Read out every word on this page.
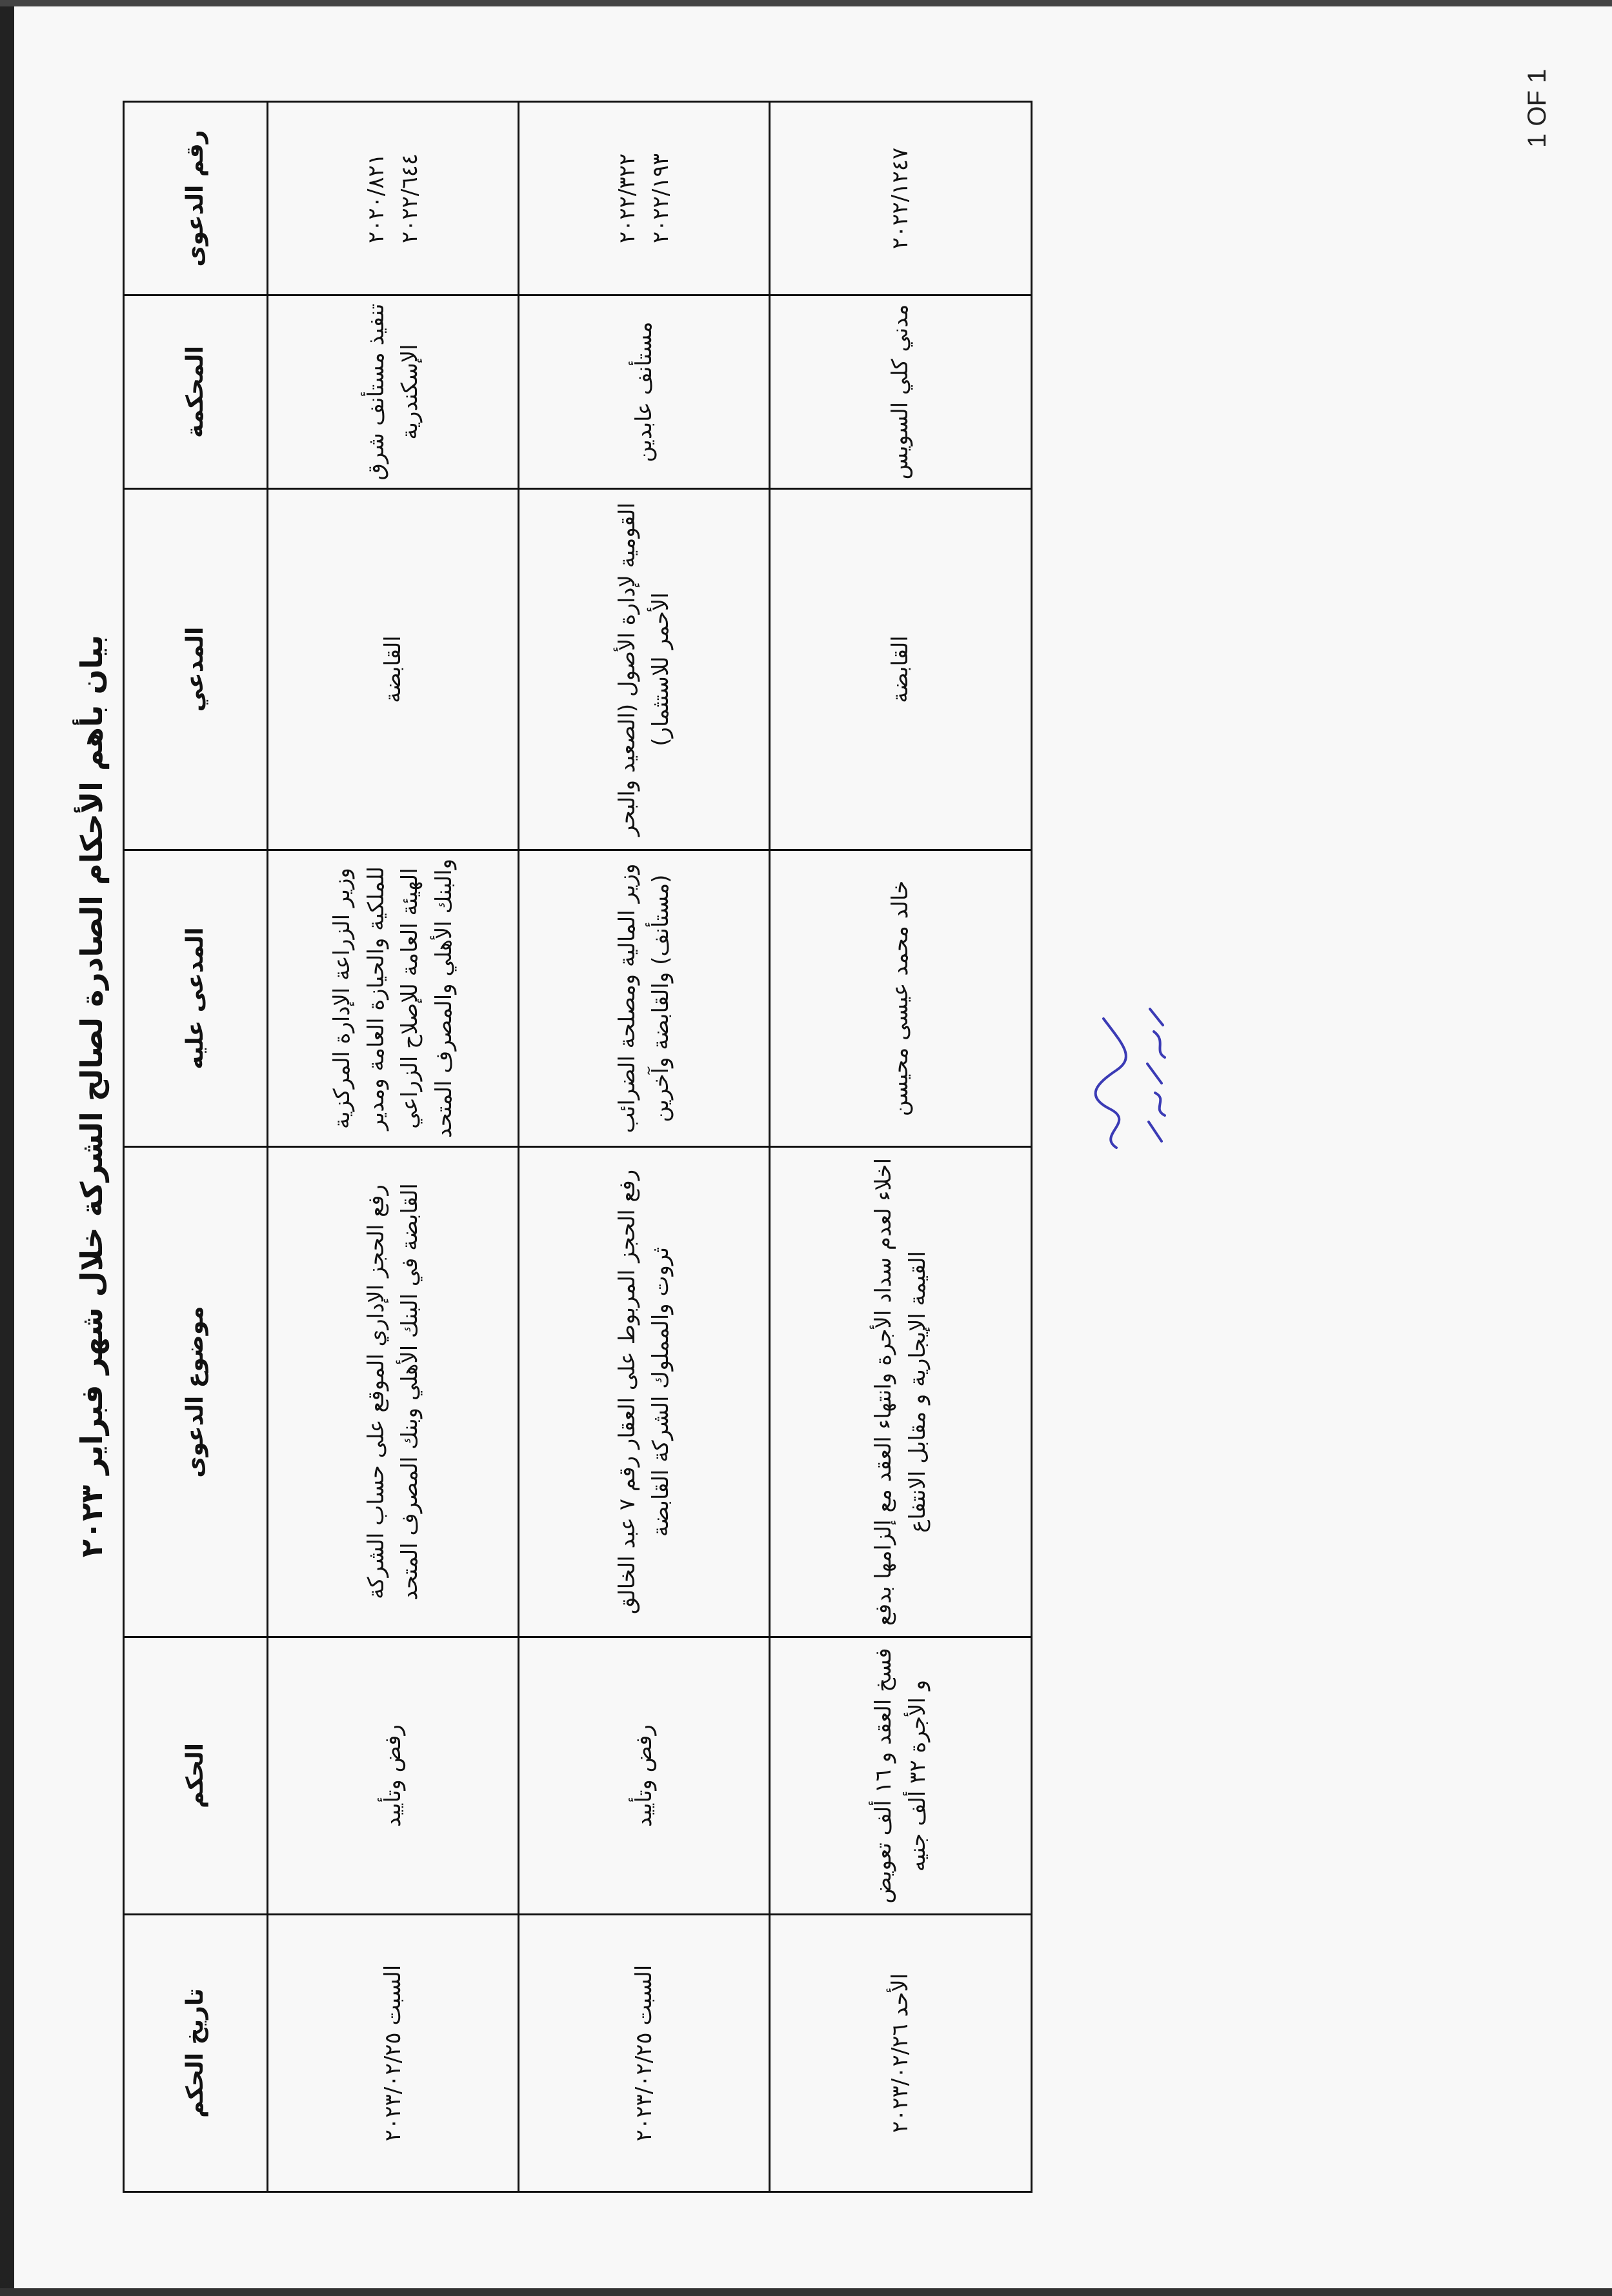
1 OF 1
بيان بأهم الأحكام الصادرة لصالح الشركة خلال شهر فبراير ٢٠٢٣
رقم الدعوى	المحكمة	المدعي	المدعى عليه	موضوع الدعوى	الحكم	تاريخ الحكم
٢٠٢٠/٨٢١ ٢٠٢٢/٦٤٤	تنفيذ مستأنف شرق الإسكندرية	القابضة	وزير الزراعة الإدارة المركزية للملكية والحيازة العامة ومدير الهيئة العامة للإصلاح الزراعي والبنك الأهلي والمصرف المتحد	رفع الحجز الإداري الموقع على حساب الشركة القابضة في البنك الأهلي وبنك المصرف المتحد	رفض وتأييد	السبت ٢٠٢٣/٠٢/٢٥
٢٠٢٢/٣٢٢ ٢٠٢٢/١٩٣	مستأنف عابدين	القومية لإدارة الأصول (الصعيد والبحر الأحمر للاستثمار)	وزير المالية ومصلحة الضرائب (مستأنف) والقابضة وآخرين	رفع الحجز المربوط على العقار رقم ٧ عبد الخالق ثروت والمملوك الشركة القابضة	رفض وتأييد	السبت ٢٠٢٣/٠٢/٢٥
٢٠٢٢/١٢٤٧	مدني كلي السويس	القابضة	خالد محمد عيسى محيسن	اخلاء لعدم سداد الأجرة وانتهاء العقد مع إلزامها بدفع القيمة الإيجارية و مقابل الانتفاع	فسخ العقد و ١٦ ألف تعويض و الأجرة ٣٢ ألف جنيه	الأحد ٢٠٢٣/٠٢/٢٦
